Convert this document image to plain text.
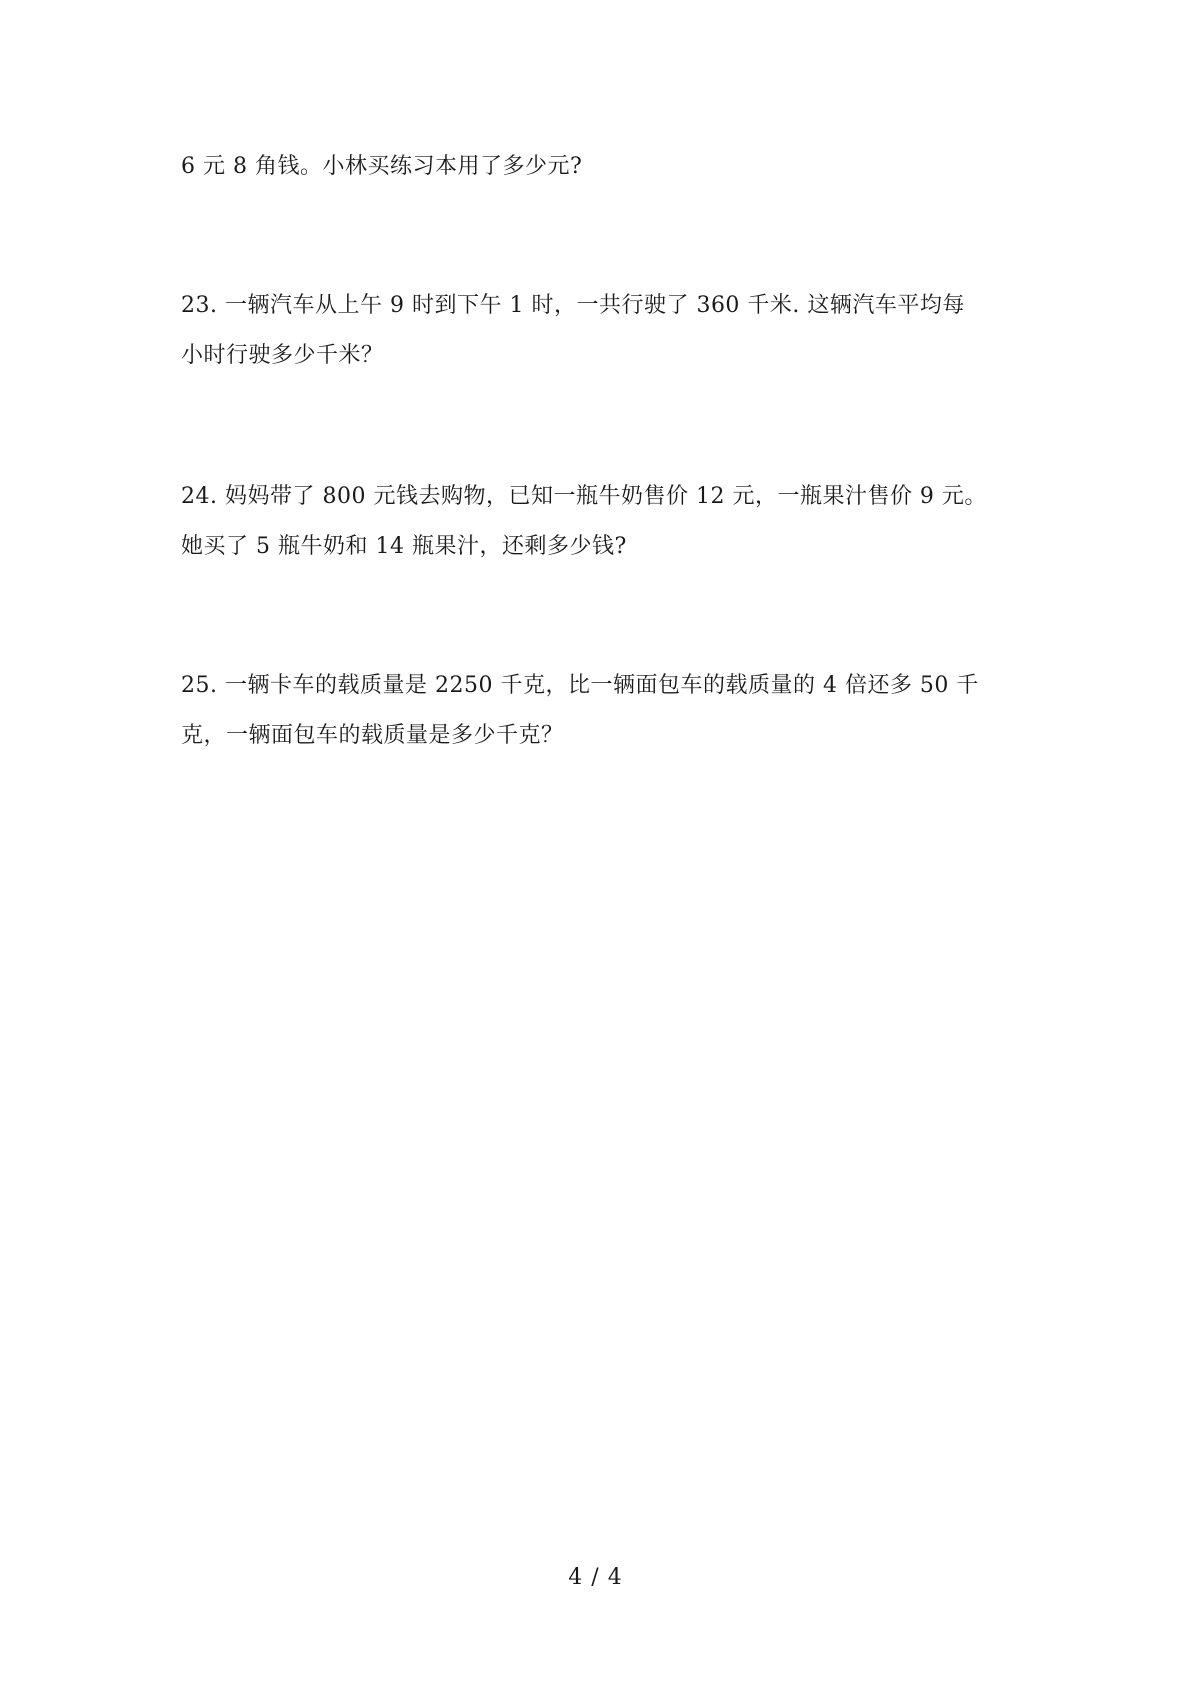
6 元 8 角钱。小林买练习本用了多少元?
23. 一辆汽车从上午 9 时到下午 1 时，一共行驶了 360 千米. 这辆汽车平均每
小时行驶多少千米？
24. 妈妈带了 800 元钱去购物，已知一瓶牛奶售价 12 元，一瓶果汁售价 9 元。
她买了 5 瓶牛奶和 14 瓶果汁，还剩多少钱?
25. 一辆卡车的载质量是 2250 千克，比一辆面包车的载质量的 4 倍还多 50 千
克，一辆面包车的载质量是多少千克？
4 / 4
